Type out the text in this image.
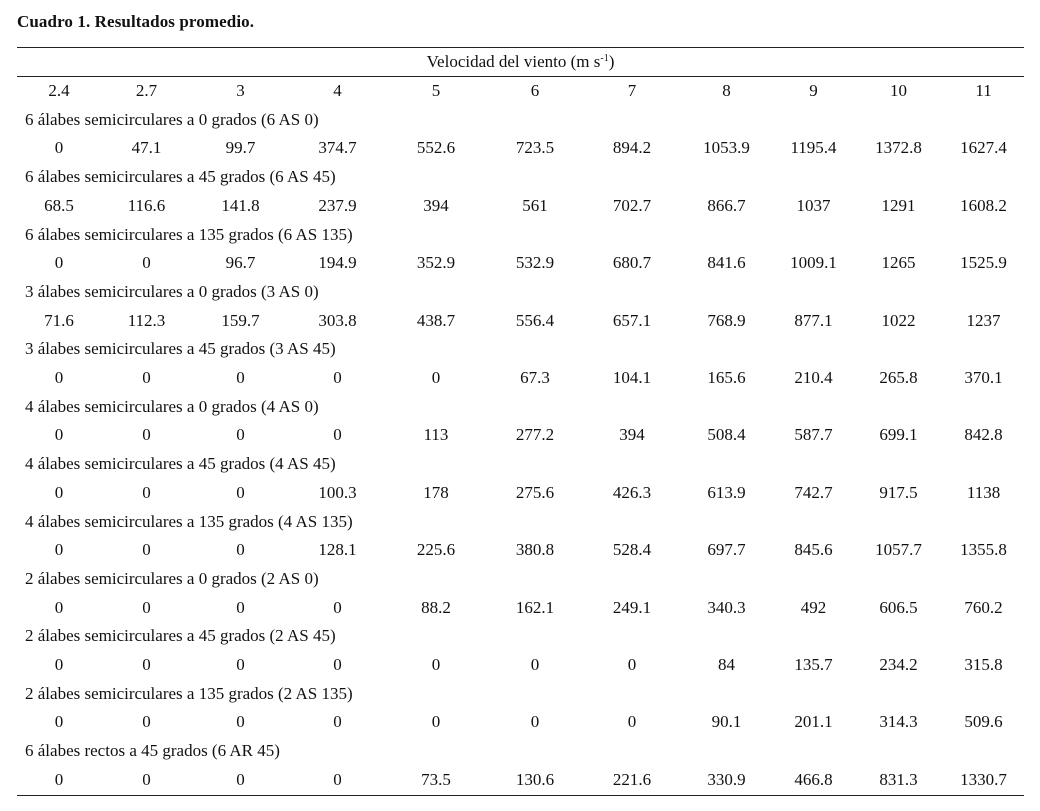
Cuadro 1. Resultados promedio.
Velocidad del viento (m $s^{-1}$)										
2.4	2.7	3	4	5	6	7	8	9	10	11
6 álabes semicirculares a 0 grados (6 AS 0)										
0	47.1	99.7	374.7	552.6	723.5	894.2	1053.9	1195.4	1372.8	1627.4
6 álabes semicirculares a 45 grados (6 AS 45)										
68.5	116.6	141.8	237.9	394	561	702.7	866.7	1037	1291	1608.2
6 álabes semicirculares a 135 grados (6 AS 135)										
0	0	96.7	194.9	352.9	532.9	680.7	841.6	1009.1	1265	1525.9
3 álabes semicirculares a 0 grados (3 AS 0)										
71.6	112.3	159.7	303.8	438.7	556.4	657.1	768.9	877.1	1022	1237
3 álabes semicirculares a 45 grados (3 AS 45)										
0	0	0	0	0	67.3	104.1	165.6	210.4	265.8	370.1
4 álabes semicirculares a 0 grados (4 AS 0)										
0	0	0	0	113	277.2	394	508.4	587.7	699.1	842.8
4 álabes semicirculares a 45 grados (4 AS 45)										
0	0	0	100.3	178	275.6	426.3	613.9	742.7	917.5	1138
4 álabes semicirculares a 135 grados (4 AS 135)										
0	0	0	128.1	225.6	380.8	528.4	697.7	845.6	1057.7	1355.8
2 álabes semicirculares a 0 grados (2 AS 0)										
0	0	0	0	88.2	162.1	249.1	340.3	492	606.5	760.2
2 álabes semicirculares a 45 grados (2 AS 45)										
0	0	0	0	0	0	0	84	135.7	234.2	315.8
2 álabes semicirculares a 135 grados (2 AS 135)										
0	0	0	0	0	0	0	90.1	201.1	314.3	509.6
6 álabes rectos a 45 grados (6 AR 45)										
0	0	0	0	73.5	130.6	221.6	330.9	466.8	831.3	1330.7
